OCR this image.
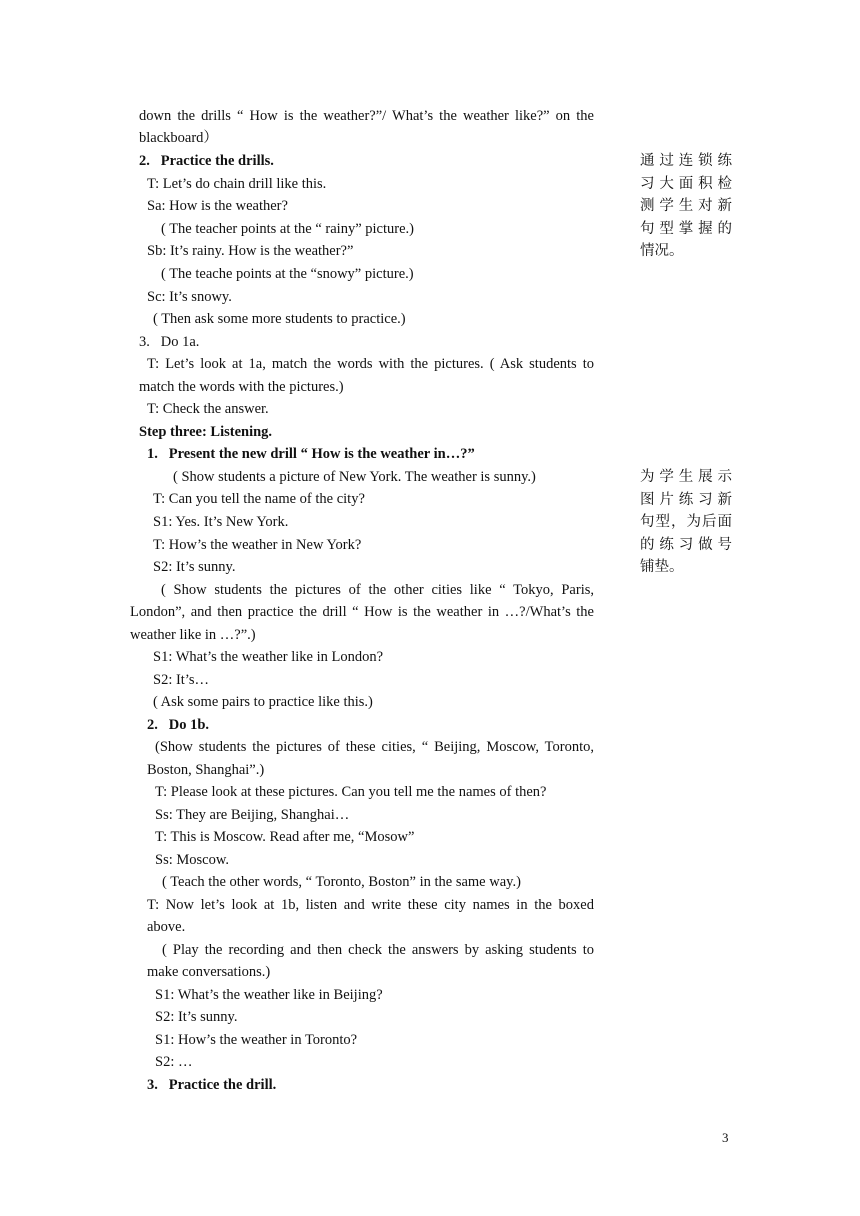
down the drills “ How is the weather?”/ What’s the weather like?” on the
blackboard）
2.   Practice the drills.
T: Let’s do chain drill like this.
Sa: How is the weather?
( The teacher points at the “ rainy” picture.)
Sb: It’s rainy. How is the weather?”
( The teache points at the “snowy” picture.)
Sc: It’s snowy.
( Then ask some more students to practice.)
3.   Do 1a.
T: Let’s look at 1a, match the words with the pictures. ( Ask students to
match the words with the pictures.)
T: Check the answer.
Step three: Listening.
1.   Present the new drill “ How is the weather in…?”
( Show students a picture of New York. The weather is sunny.)
T: Can you tell the name of the city?
S1: Yes. It’s New York.
T: How’s the weather in New York?
S2: It’s sunny.
( Show students the pictures of the other cities like “ Tokyo, Paris,
London”, and then practice the drill “ How is the weather in …?/What’s the
weather like in …?”.)
S1: What’s the weather like in London?
S2: It’s…
( Ask some pairs to practice like this.)
2.   Do 1b.
(Show students the pictures of these cities, “ Beijing, Moscow, Toronto,
Boston, Shanghai”.)
T: Please look at these pictures. Can you tell me the names of then?
Ss: They are Beijing, Shanghai…
T: This is Moscow. Read after me, “Mosow”
Ss: Moscow.
( Teach the other words, “ Toronto, Boston” in the same way.)
T: Now let’s look at 1b, listen and write these city names in the boxed
above.
( Play the recording and then check the answers by asking students to
make conversations.)
S1: What’s the weather like in Beijing?
S2: It’s sunny.
S1: How’s the weather in Toronto?
S2: …
3.   Practice the drill.
通过连锁练
习大面积检
测学生对新
句型掌握的
情况。
为学生展示
图片练习新
句型，为后面
的练习做号
铺垫。
3
